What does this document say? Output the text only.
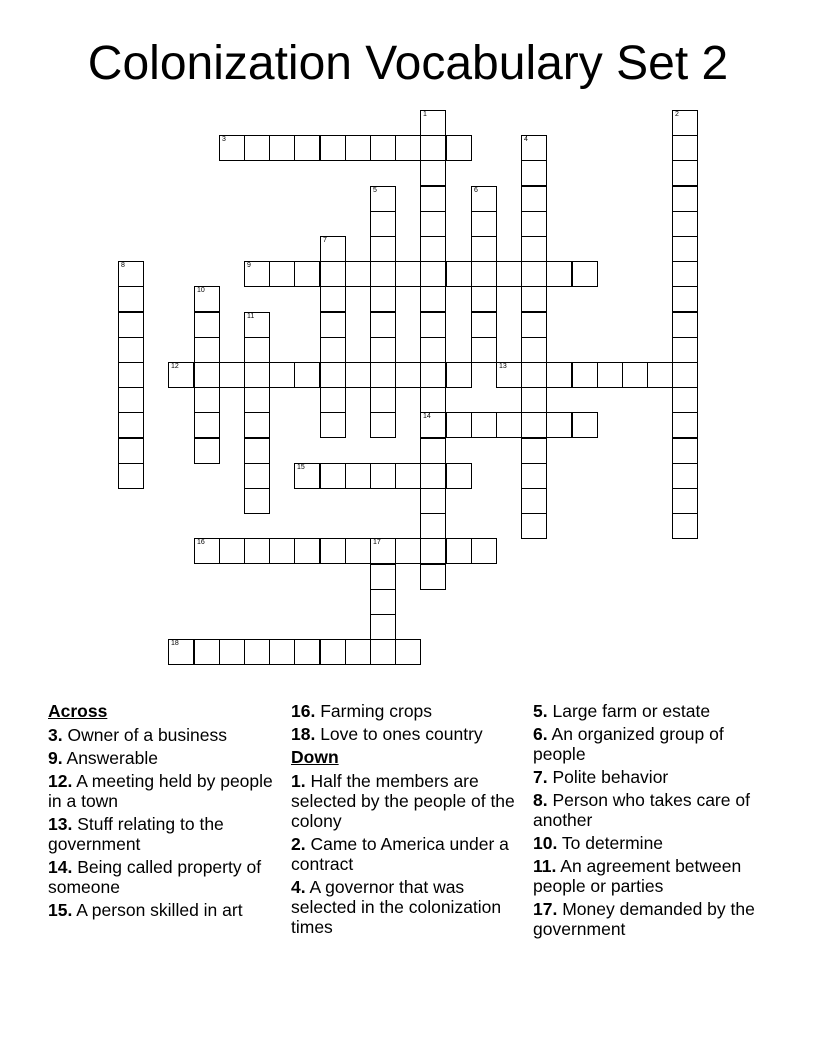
Colonization Vocabulary Set 2
1
14
2
3	4
5	6
7
8	9
10
11
12	13
15
16	17
18
Across
3. Owner of a business
9. Answerable
12. A meeting held by people in a town
13. Stuff relating to the government
14. Being called property of someone
15. A person skilled in art
16. Farming crops
18. Love to ones country
Down
1. Half the members are selected by the people of the colony
2. Came to America under a contract
4. A governor that was selected in the colonization times
5. Large farm or estate
6. An organized group of people
7. Polite behavior
8. Person who takes care of another
10. To determine
11. An agreement between people or parties
17. Money demanded by the government
